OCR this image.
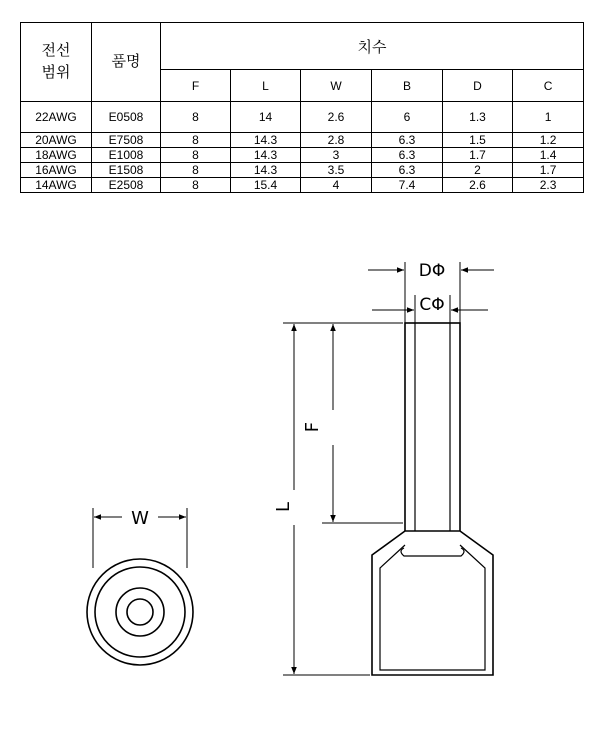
전선
범위	품명	치수					
		F	L	W	B	D	C
22AWG	E0508	8	14	2.6	6	1.3	1
20AWG	E7508	8	14.3	2.8	6.3	1.5	1.2
18AWG	E1008	8	14.3	3	6.3	1.7	1.4
16AWG	E1508	8	14.3	3.5	6.3	2	1.7
14AWG	E2508	8	15.4	4	7.4	2.6	2.3
W
DΦ
CΦ
F
L
